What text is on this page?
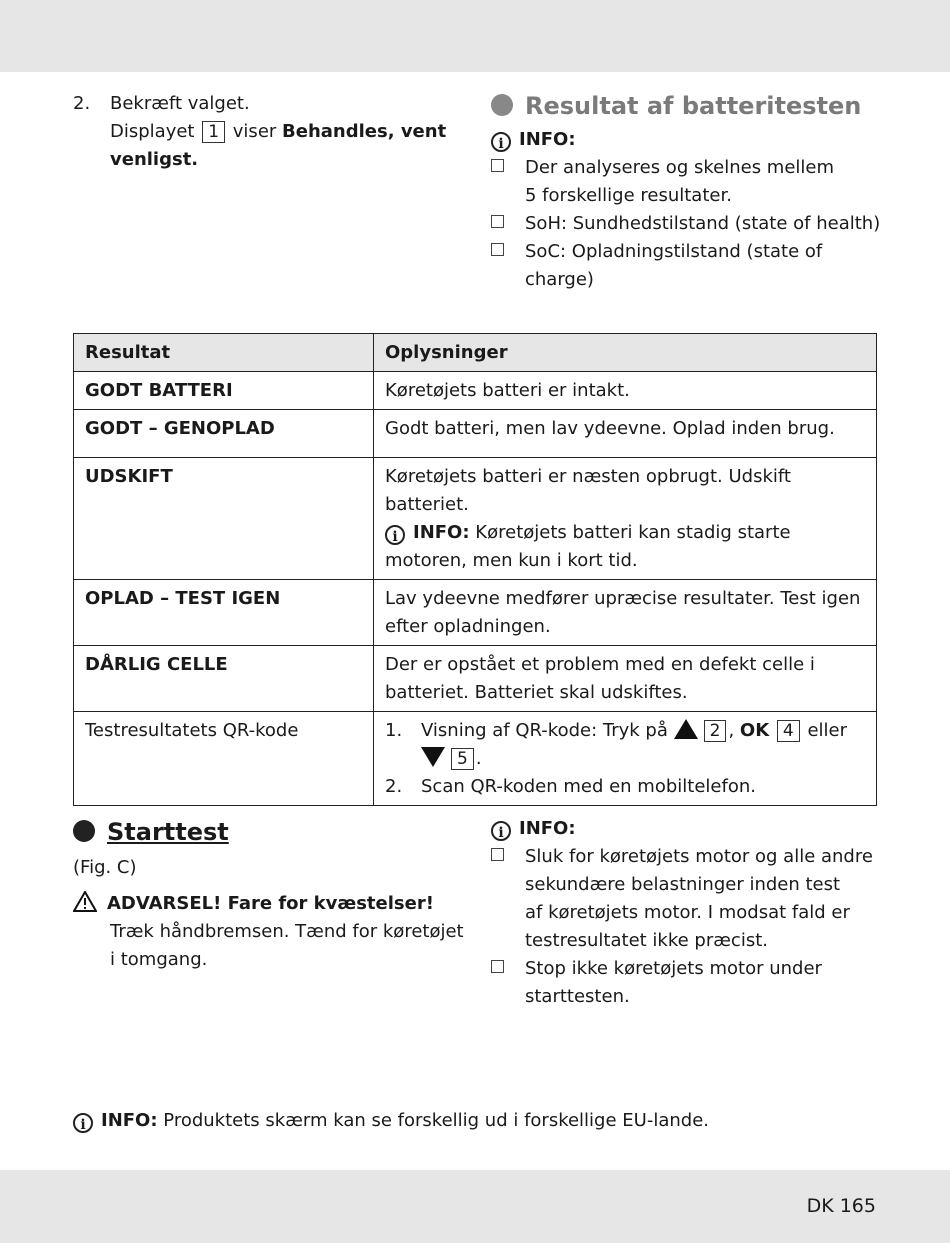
2.	Bekræft valget.
Displayet 1 viser Behandles, vent
venligst.
Resultat af batteritesten
i INFO:
Der analyseres og skelnes mellem
5 forskellige resultater.
SoH: Sundhedstilstand (state of health)
SoC: Opladningstilstand (state of
charge)
Resultat	Oplysninger
GODT BATTERI	Køretøjets batteri er intakt.
GODT – GENOPLAD	Godt batteri, men lav ydeevne. Oplad inden brug.
UDSKIFT	Køretøjets batteri er næsten opbrugt. Udskift batteriet.
i INFO: Køretøjets batteri kan stadig starte
motoren, men kun i kort tid.

OPLAD – TEST IGEN	Lav ydeevne medfører upræcise resultater. Test igen efter opladningen.
DÅRLIG CELLE	Der er opstået et problem med en defekt celle i batteriet. Batteriet skal udskiftes.
Testresultatets QR-kode	1. Visning af QR-kode: Tryk på 2 , OK 4 eller
5 .
2. Scan QR-koden med en mobiltelefon.
Starttest
(Fig. C)
ADVARSEL! Fare for kvæstelser!
Træk håndbremsen. Tænd for køretøjet
i tomgang.
i INFO:
Sluk for køretøjets motor og alle andre
sekundære belastninger inden test
af køretøjets motor. I modsat fald er
testresultatet ikke præcist.
Stop ikke køretøjets motor under
starttesten.
i INFO: Produktets skærm kan se forskellig ud i forskellige EU-lande.
DK 165
